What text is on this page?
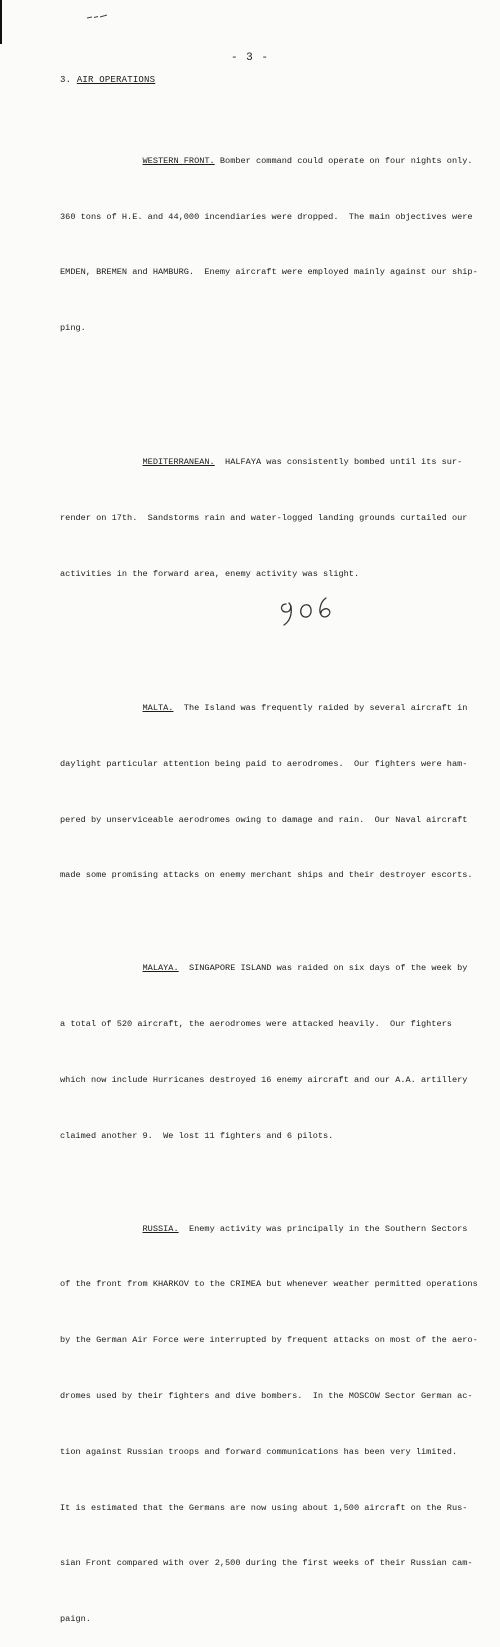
- 3 -
3. AIR OPERATIONS

WESTERN FRONT. Bomber command could operate on four nights only.

360 tons of H.E. and 44,000 incendiaries were dropped.  The main objectives were

EMDEN, BREMEN and HAMBURG.  Enemy aircraft were employed mainly against our ship-

ping.

MEDITERRANEAN.  HALFAYA was consistently bombed until its sur-

render on 17th.  Sandstorms rain and water-logged landing grounds curtailed our

activities in the forward area, enemy activity was slight.

MALTA.  The Island was frequently raided by several aircraft in

daylight particular attention being paid to aerodromes.  Our fighters were ham-

pered by unserviceable aerodromes owing to damage and rain.  Our Naval aircraft

made some promising attacks on enemy merchant ships and their destroyer escorts.

MALAYA.  SINGAPORE ISLAND was raided on six days of the week by

a total of 520 aircraft, the aerodromes were attacked heavily.  Our fighters

which now include Hurricanes destroyed 16 enemy aircraft and our A.A. artillery

claimed another 9.  We lost 11 fighters and 6 pilots.

RUSSIA.  Enemy activity was principally in the Southern Sectors

of the front from KHARKOV to the CRIMEA but whenever weather permitted operations

by the German Air Force were interrupted by frequent attacks on most of the aero-

dromes used by their fighters and dive bombers.  In the MOSCOW Sector German ac-

tion against Russian troops and forward communications has been very limited.

It is estimated that the Germans are now using about 1,500 aircraft on the Rus-

sian Front compared with over 2,500 during the first weeks of their Russian cam-

paign.
